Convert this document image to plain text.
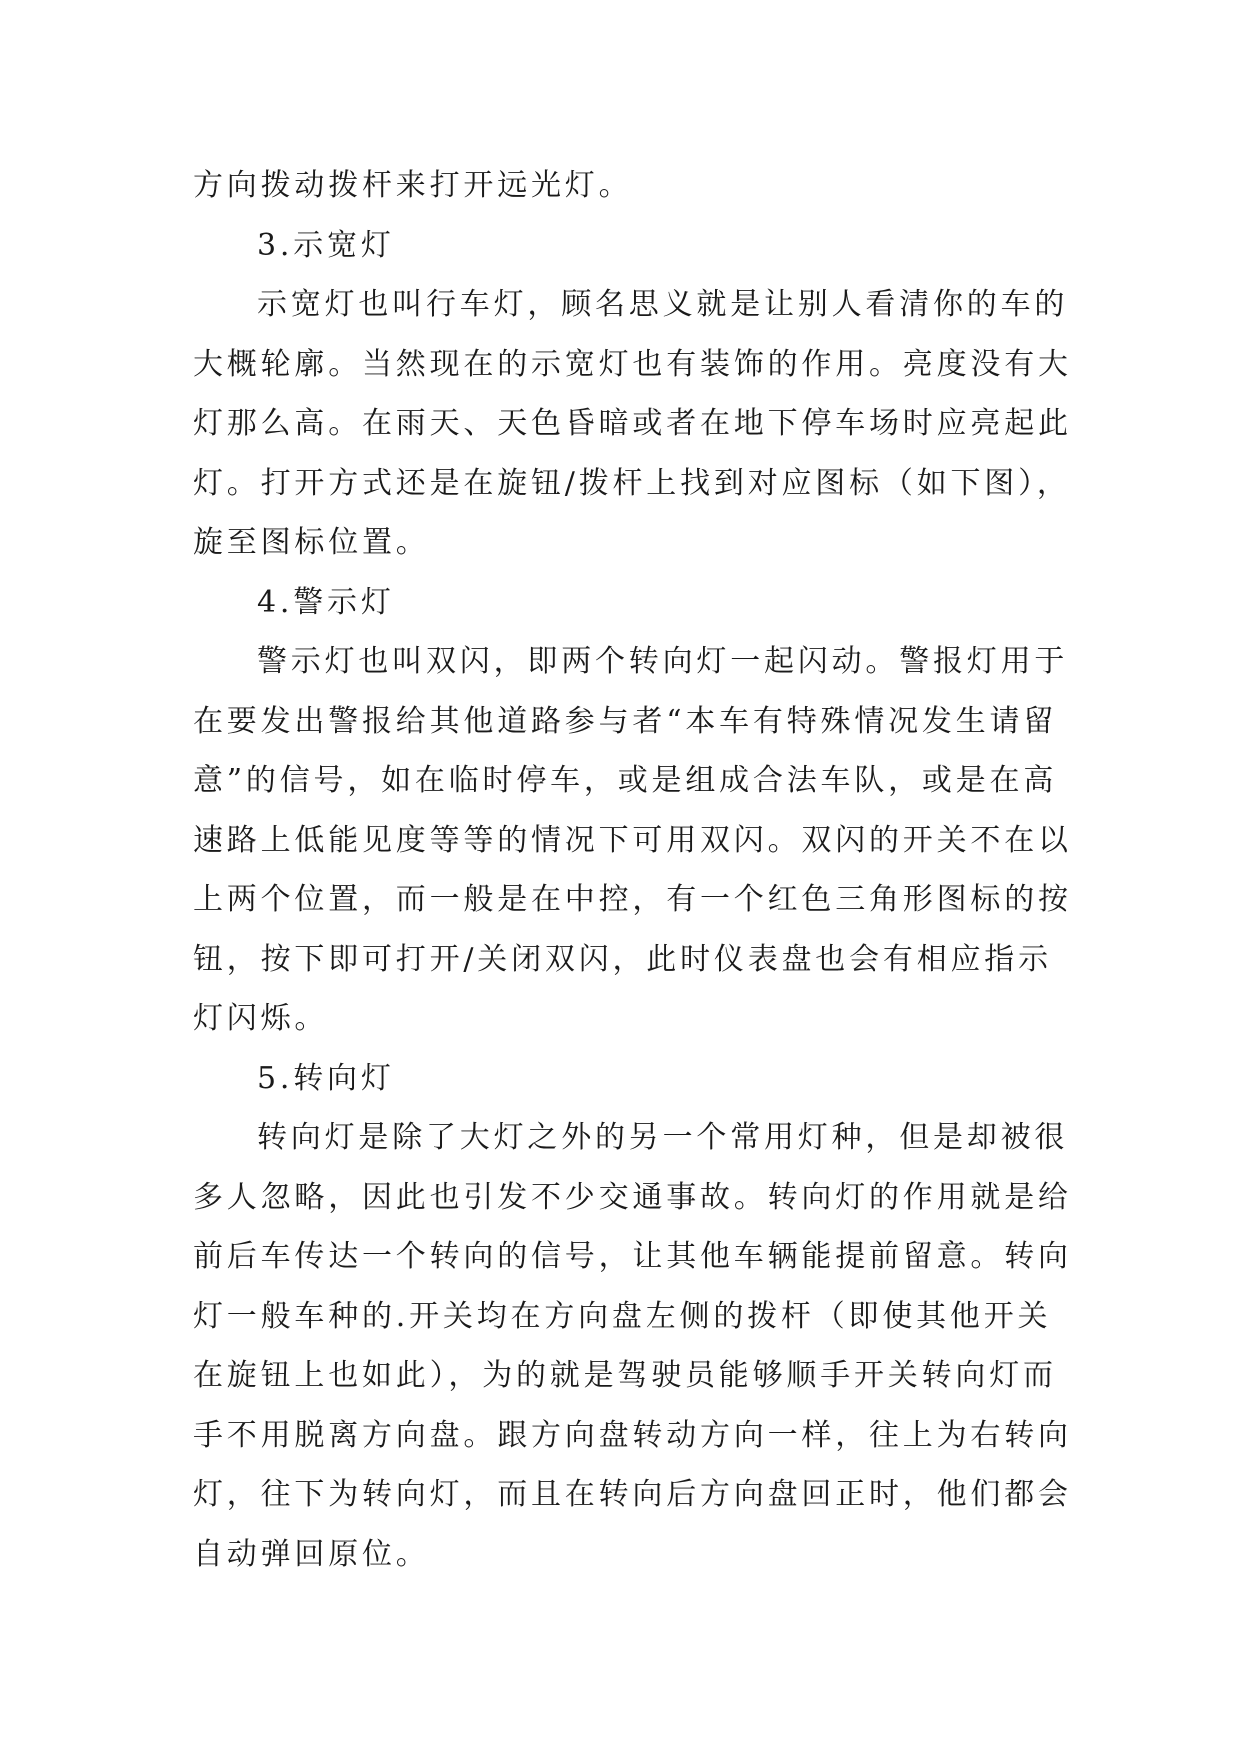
方向拨动拨杆来打开远光灯。
3.示宽灯
示宽灯也叫行车灯，顾名思义就是让别人看清你的车的
大概轮廓。当然现在的示宽灯也有装饰的作用。亮度没有大
灯那么高。在雨天、天色昏暗或者在地下停车场时应亮起此
灯。打开方式还是在旋钮/拨杆上找到对应图标（如下图），
旋至图标位置。
4.警示灯
警示灯也叫双闪，即两个转向灯一起闪动。警报灯用于
在要发出警报给其他道路参与者“本车有特殊情况发生请留
意”的信号，如在临时停车，或是组成合法车队，或是在高
速路上低能见度等等的情况下可用双闪。双闪的开关不在以
上两个位置，而一般是在中控，有一个红色三角形图标的按
钮，按下即可打开/关闭双闪，此时仪表盘也会有相应指示
灯闪烁。
5.转向灯
转向灯是除了大灯之外的另一个常用灯种，但是却被很
多人忽略，因此也引发不少交通事故。转向灯的作用就是给
前后车传达一个转向的信号，让其他车辆能提前留意。转向
灯一般车种的.开关均在方向盘左侧的拨杆（即使其他开关
在旋钮上也如此），为的就是驾驶员能够顺手开关转向灯而
手不用脱离方向盘。跟方向盘转动方向一样，往上为右转向
灯，往下为转向灯，而且在转向后方向盘回正时，他们都会
自动弹回原位。
